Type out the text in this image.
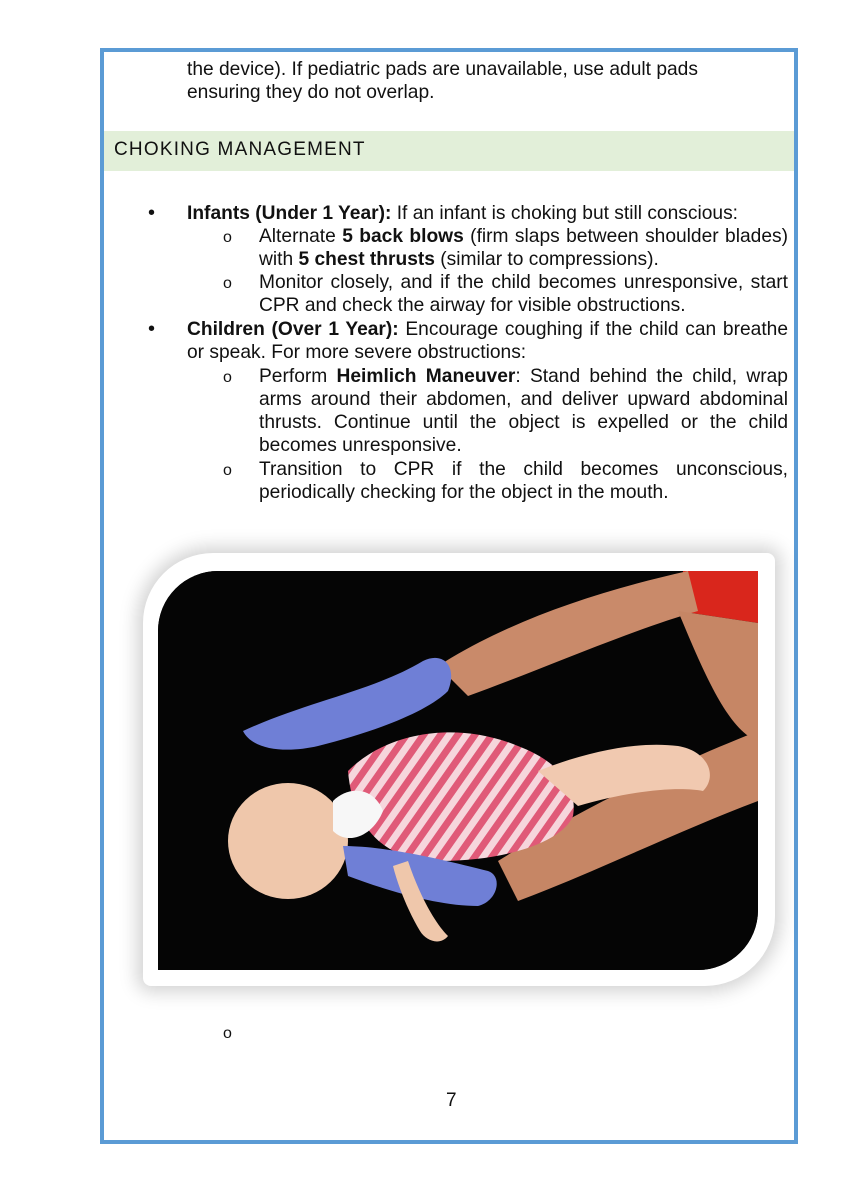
the device). If pediatric pads are unavailable, use adult pads
ensuring they do not overlap.
CHOKING MANAGEMENT
• Infants (Under 1 Year): If an infant is choking but still conscious:
o Alternate 5 back blows (firm slaps between shoulder blades) with 5 chest thrusts (similar to compressions).
o Monitor closely, and if the child becomes unresponsive, start CPR and check the airway for visible obstructions.
• Children (Over 1 Year): Encourage coughing if the child can breathe or speak. For more severe obstructions:
o Perform Heimlich Maneuver: Stand behind the child, wrap arms around their abdomen, and deliver upward abdominal thrusts. Continue until the object is expelled or the child becomes unresponsive.
o Transition to CPR if the child becomes unconscious, periodically checking for the object in the mouth.
o
7
